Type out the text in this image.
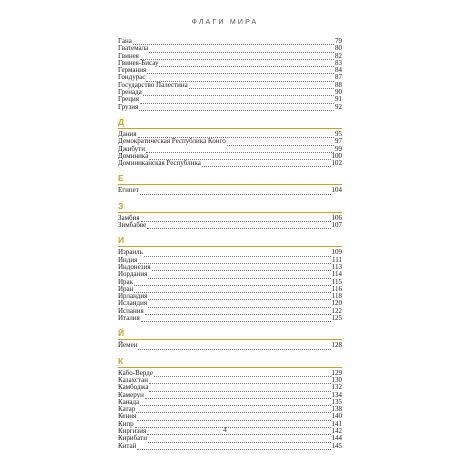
ФЛАГИ МИРА
Гана	79
Гватемала	80
Гвинея	82
Гвинея-Бисау	83
Германия	84
Гондурас	87
Государство Палестина	88
Гренада	90
Греция	91
Грузия	92
Д
Дания	95
Демократическая Республика Конго	97
Джибути	99
Доминика	100
Доминиканская Республика	102
Е
Египет	104
З
Замбия	106
Зимбабве	107
И
Израиль	109
Индия	111
Индонезия	113
Иордания	114
Ирак	115
Иран	116
Ирландия	118
Исландия	120
Испания	122
Италия	125
Й
Йемен	128
К
Кабо-Верде	129
Казахстан	130
Камбоджа	132
Камерун	134
Канада	135
Катар	138
Кения	140
Кипр	141
Киргизия	142
Кирибати	144
Китай	145
4
